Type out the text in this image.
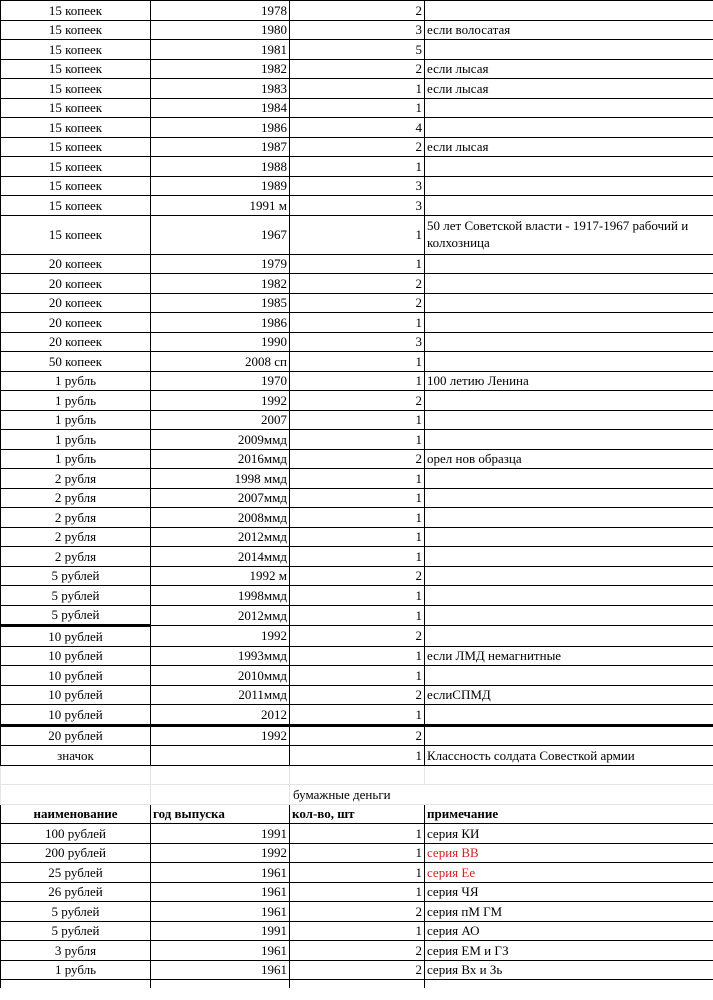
15 копеек	1978	2	
15 копеек	1980	3	если волосатая
15 копеек	1981	5	
15 копеек	1982	2	если лысая
15 копеек	1983	1	если лысая
15 копеек	1984	1	
15 копеек	1986	4	
15 копеек	1987	2	если лысая
15 копеек	1988	1	
15 копеек	1989	3	
15 копеек	1991 м	3	
15 копеек	1967	1	50 лет Советской власти - 1917-1967 рабочий и колхозница
20 копеек	1979	1	
20 копеек	1982	2	
20 копеек	1985	2	
20 копеек	1986	1	
20 копеек	1990	3	
50 копеек	2008 сп	1	
1 рубль	1970	1	100 летию Ленина
1 рубль	1992	2	
1 рубль	2007	1	
1 рубль	2009ммд	1	
1 рубль	2016ммд	2	орел нов образца
2 рубля	1998 ммд	1	
2 рубля	2007ммд	1	
2 рубля	2008ммд	1	
2 рубля	2012ммд	1	
2 рубля	2014ммд	1	
5 рублей	1992 м	2	
5 рублей	1998ммд	1	
5 рублей	2012ммд	1	
10 рублей	1992	2	
10 рублей	1993ммд	1	если ЛМД немагнитные
10 рублей	2010ммд	1	
10 рублей	2011ммд	2	еслиСПМД
10 рублей	2012	1	
20 рублей	1992	2	
значок		1	Классность солдата Совесткой армии

		бумажные деньги	
наименование	год выпуска	кол-во, шт	примечание
100 рублей	1991	1	серия КИ
200 рублей	1992	1	серия ВВ
25 рублей	1961	1	серия Ее
26 рублей	1961	1	серия ЧЯ
5 рублей	1961	2	серия пМ ГМ
5 рублей	1991	1	серия АО
3 рубля	1961	2	серия ЕМ и ГЗ
1 рубль	1961	2	серия Вх и Зь
